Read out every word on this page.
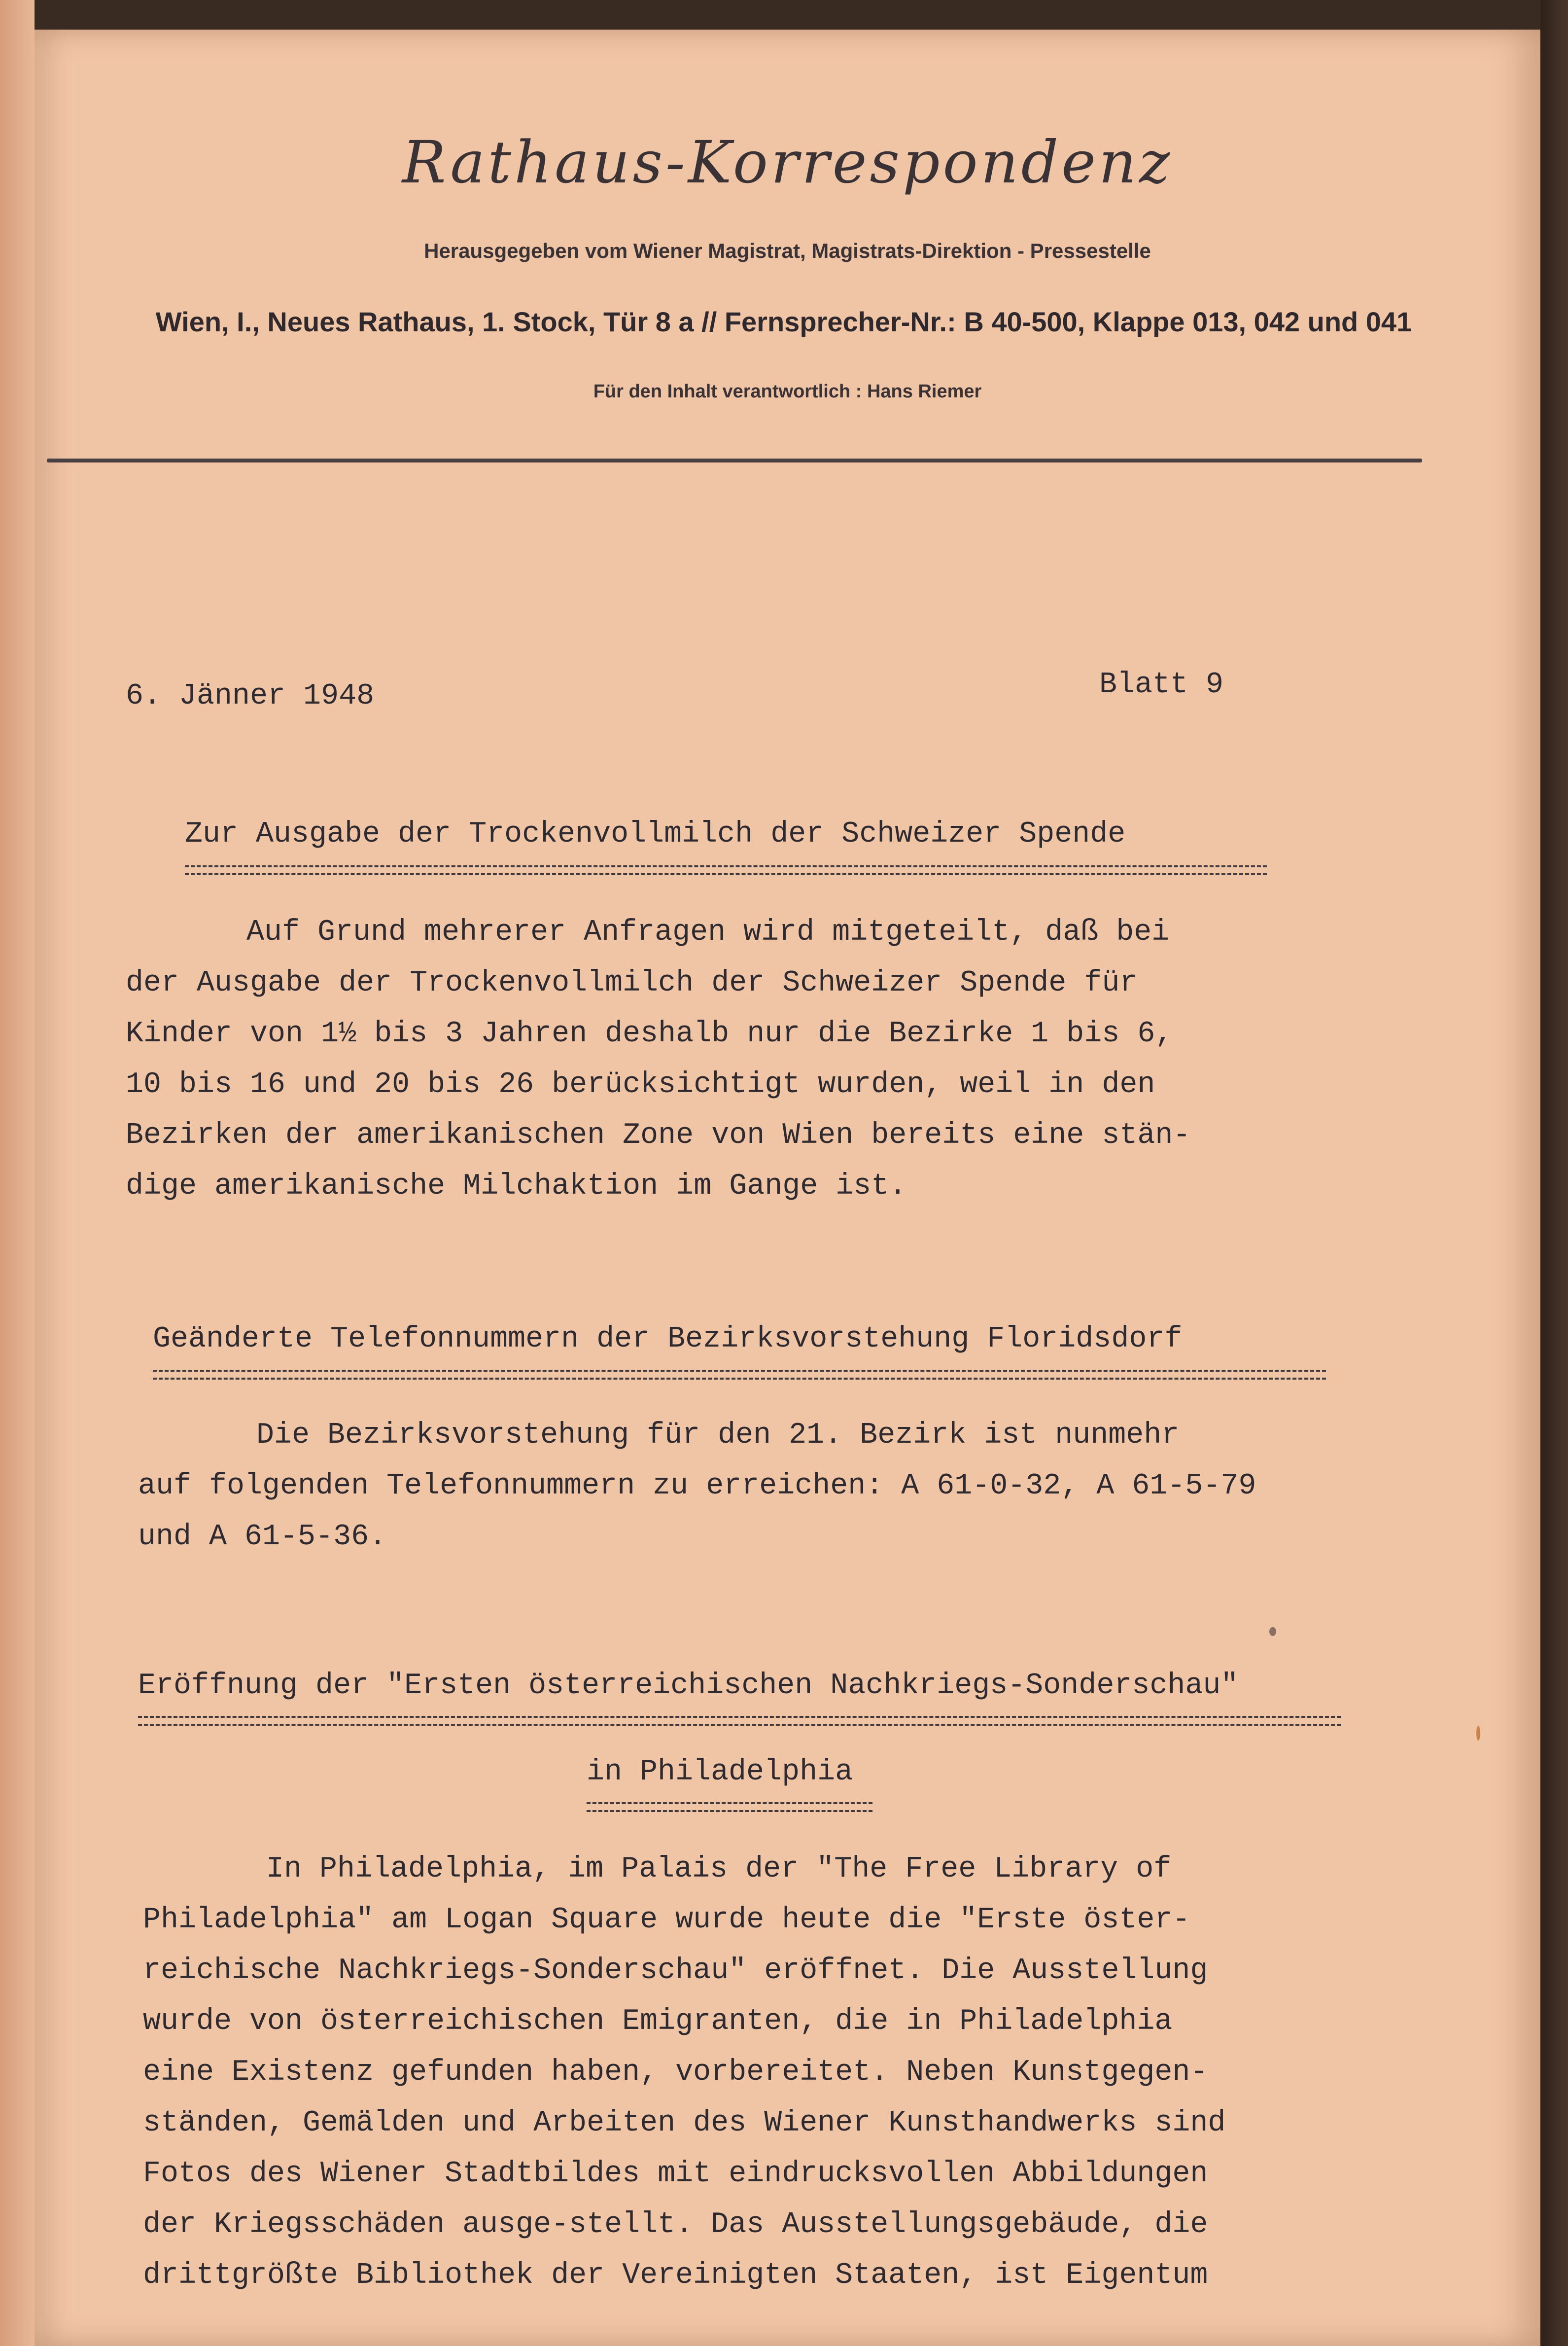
Rathaus-Korrespondenz
Herausgegeben vom Wiener Magistrat, Magistrats-Direktion - Pressestelle
Wien, I., Neues Rathaus, 1. Stock, Tür 8 a // Fernsprecher-Nr.: B 40-500, Klappe 013, 042 und 041
Für den Inhalt verantwortlich : Hans Riemer
6. Jänner 1948	Blatt 9
Zur Ausgabe der Trockenvollmilch der Schweizer Spende
Auf Grund mehrerer Anfragen wird mitgeteilt, daß bei
der Ausgabe der Trockenvollmilch der Schweizer Spende für
Kinder von 1½ bis 3 Jahren deshalb nur die Bezirke 1 bis 6,
10 bis 16 und 20 bis 26 berücksichtigt wurden, weil in den
Bezirken der amerikanischen Zone von Wien bereits eine stän-
dige amerikanische Milchaktion im Gange ist.
Geänderte Telefonnummern der Bezirksvorstehung Floridsdorf
Die Bezirksvorstehung für den 21. Bezirk ist nunmehr
auf folgenden Telefonnummern zu erreichen: A 61-0-32, A 61-5-79
und A 61-5-36.
Eröffnung der "Ersten österreichischen Nachkriegs-Sonderschau"
in Philadelphia
In Philadelphia, im Palais der "The Free Library of
Philadelphia" am Logan Square wurde heute die "Erste öster-
reichische Nachkriegs-Sonderschau" eröffnet. Die Ausstellung
wurde von österreichischen Emigranten, die in Philadelphia
eine Existenz gefunden haben, vorbereitet. Neben Kunstgegen-
ständen, Gemälden und Arbeiten des Wiener Kunsthandwerks sind
Fotos des Wiener Stadtbildes mit eindrucksvollen Abbildungen
der Kriegsschäden ausge-stellt. Das Ausstellungsgebäude, die
drittgrößte Bibliothek der Vereinigten Staaten, ist Eigentum
